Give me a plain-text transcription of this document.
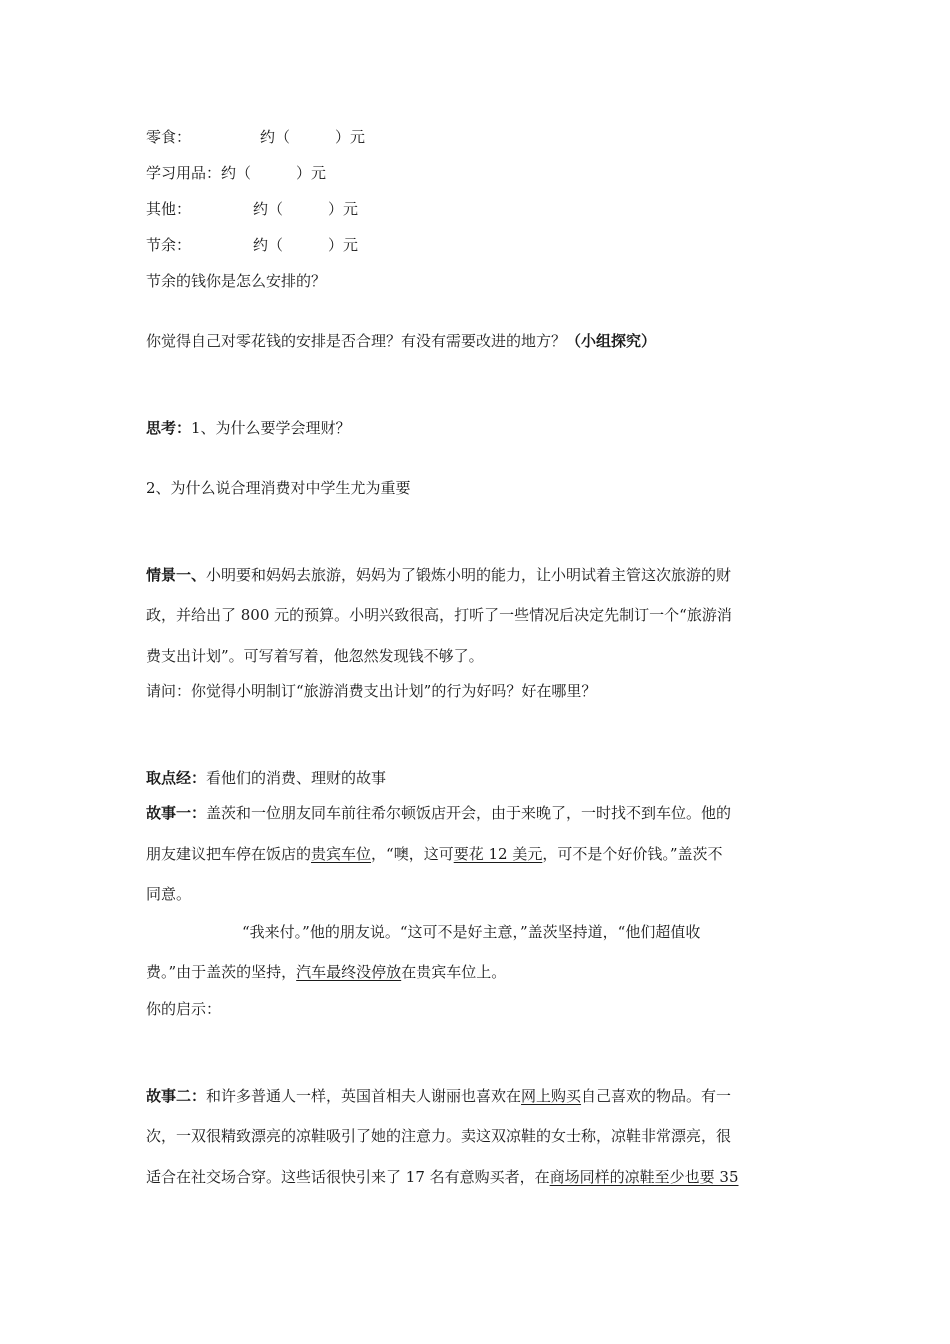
零食：	约（　　　）元
学习用品：约（　　　）元
其他：	约（　　　）元
节余：	约（　　　）元
节余的钱你是怎么安排的？
你觉得自己对零花钱的安排是否合理？有没有需要改进的地方？（小组探究）
思考：1、为什么要学会理财？
2、为什么说合理消费对中学生尤为重要
情景一、小明要和妈妈去旅游，妈妈为了锻炼小明的能力，让小明试着主管这次旅游的财
政，并给出了 800 元的预算。小明兴致很高，打听了一些情况后决定先制订一个“旅游消
费支出计划”。可写着写着，他忽然发现钱不够了。
请问：你觉得小明制订“旅游消费支出计划”的行为好吗？好在哪里？
取点经：看他们的消费、理财的故事
故事一：盖茨和一位朋友同车前往希尔顿饭店开会，由于来晚了，一时找不到车位。他的
朋友建议把车停在饭店的贵宾车位，“噢，这可要花 12 美元，可不是个好价钱。”盖茨不
同意。
“我来付。”他的朋友说。“这可不是好主意，”盖茨坚持道，“他们超值收
费。”由于盖茨的坚持，汽车最终没停放在贵宾车位上。
你的启示：
故事二：和许多普通人一样，英国首相夫人谢丽也喜欢在网上购买自己喜欢的物品。有一
次，一双很精致漂亮的凉鞋吸引了她的注意力。卖这双凉鞋的女士称，凉鞋非常漂亮，很
适合在社交场合穿。这些话很快引来了 17 名有意购买者，在商场同样的凉鞋至少也要 35
